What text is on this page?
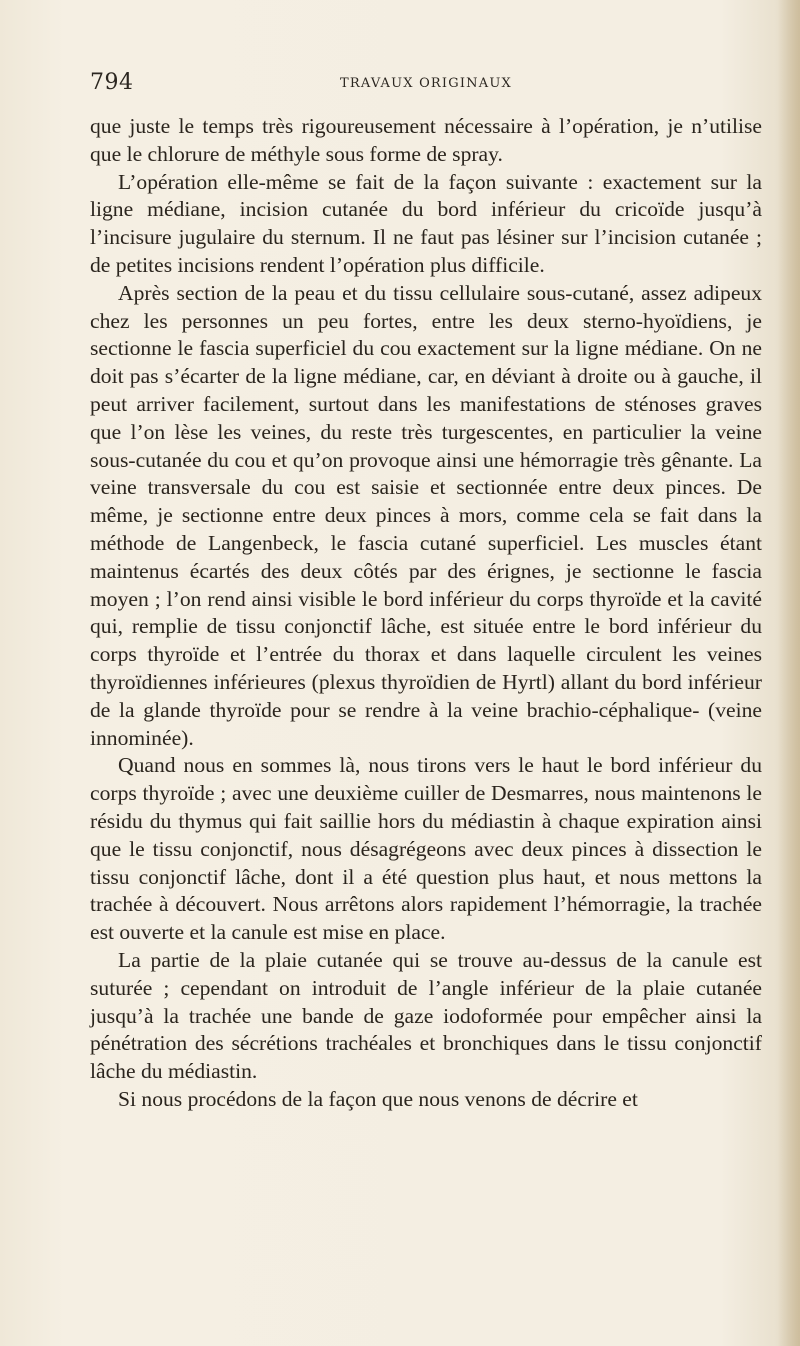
794	TRAVAUX ORIGINAUX

que juste le temps très rigoureusement nécessaire à l’opération, je n’utilise que le chlorure de méthyle sous forme de spray.

L’opération elle-même se fait de la façon suivante : exactement sur la ligne médiane, incision cutanée du bord inférieur du cricoïde jusqu’à l’incisure jugulaire du sternum. Il ne faut pas lésiner sur l’incision cutanée ; de petites incisions rendent l’opération plus difficile.

Après section de la peau et du tissu cellulaire sous-cutané, assez adipeux chez les personnes un peu fortes, entre les deux sterno-hyoïdiens, je sectionne le fascia superficiel du cou exactement sur la ligne médiane. On ne doit pas s’écarter de la ligne médiane, car, en déviant à droite ou à gauche, il peut arriver facilement, surtout dans les manifestations de sténoses graves que l’on lèse les veines, du reste très turgescentes, en particulier la veine sous-cutanée du cou et qu’on provoque ainsi une hémorragie très gênante. La veine transversale du cou est saisie et sectionnée entre deux pinces. De même, je sectionne entre deux pinces à mors, comme cela se fait dans la méthode de Langenbeck, le fascia cutané superficiel. Les muscles étant maintenus écartés des deux côtés par des érignes, je sectionne le fascia moyen ; l’on rend ainsi visible le bord inférieur du corps thyroïde et la cavité qui, remplie de tissu conjonctif lâche, est située entre le bord inférieur du corps thyroïde et l’entrée du thorax et dans laquelle circulent les veines thyroïdiennes inférieures (plexus thyroïdien de Hyrtl) allant du bord inférieur de la glande thyroïde pour se rendre à la veine brachio-céphalique- (veine innominée).

Quand nous en sommes là, nous tirons vers le haut le bord inférieur du corps thyroïde ; avec une deuxième cuiller de Desmarres, nous maintenons le résidu du thymus qui fait saillie hors du médiastin à chaque expiration ainsi que le tissu conjonctif, nous désagrégeons avec deux pinces à dissection le tissu conjonctif lâche, dont il a été question plus haut, et nous mettons la trachée à découvert. Nous arrêtons alors rapidement l’hémorragie, la trachée est ouverte et la canule est mise en place.

La partie de la plaie cutanée qui se trouve au-dessus de la canule est suturée ; cependant on introduit de l’angle inférieur de la plaie cutanée jusqu’à la trachée une bande de gaze iodoformée pour empêcher ainsi la pénétration des sécrétions trachéales et bronchiques dans le tissu conjonctif lâche du médiastin.

Si nous procédons de la façon que nous venons de décrire et
